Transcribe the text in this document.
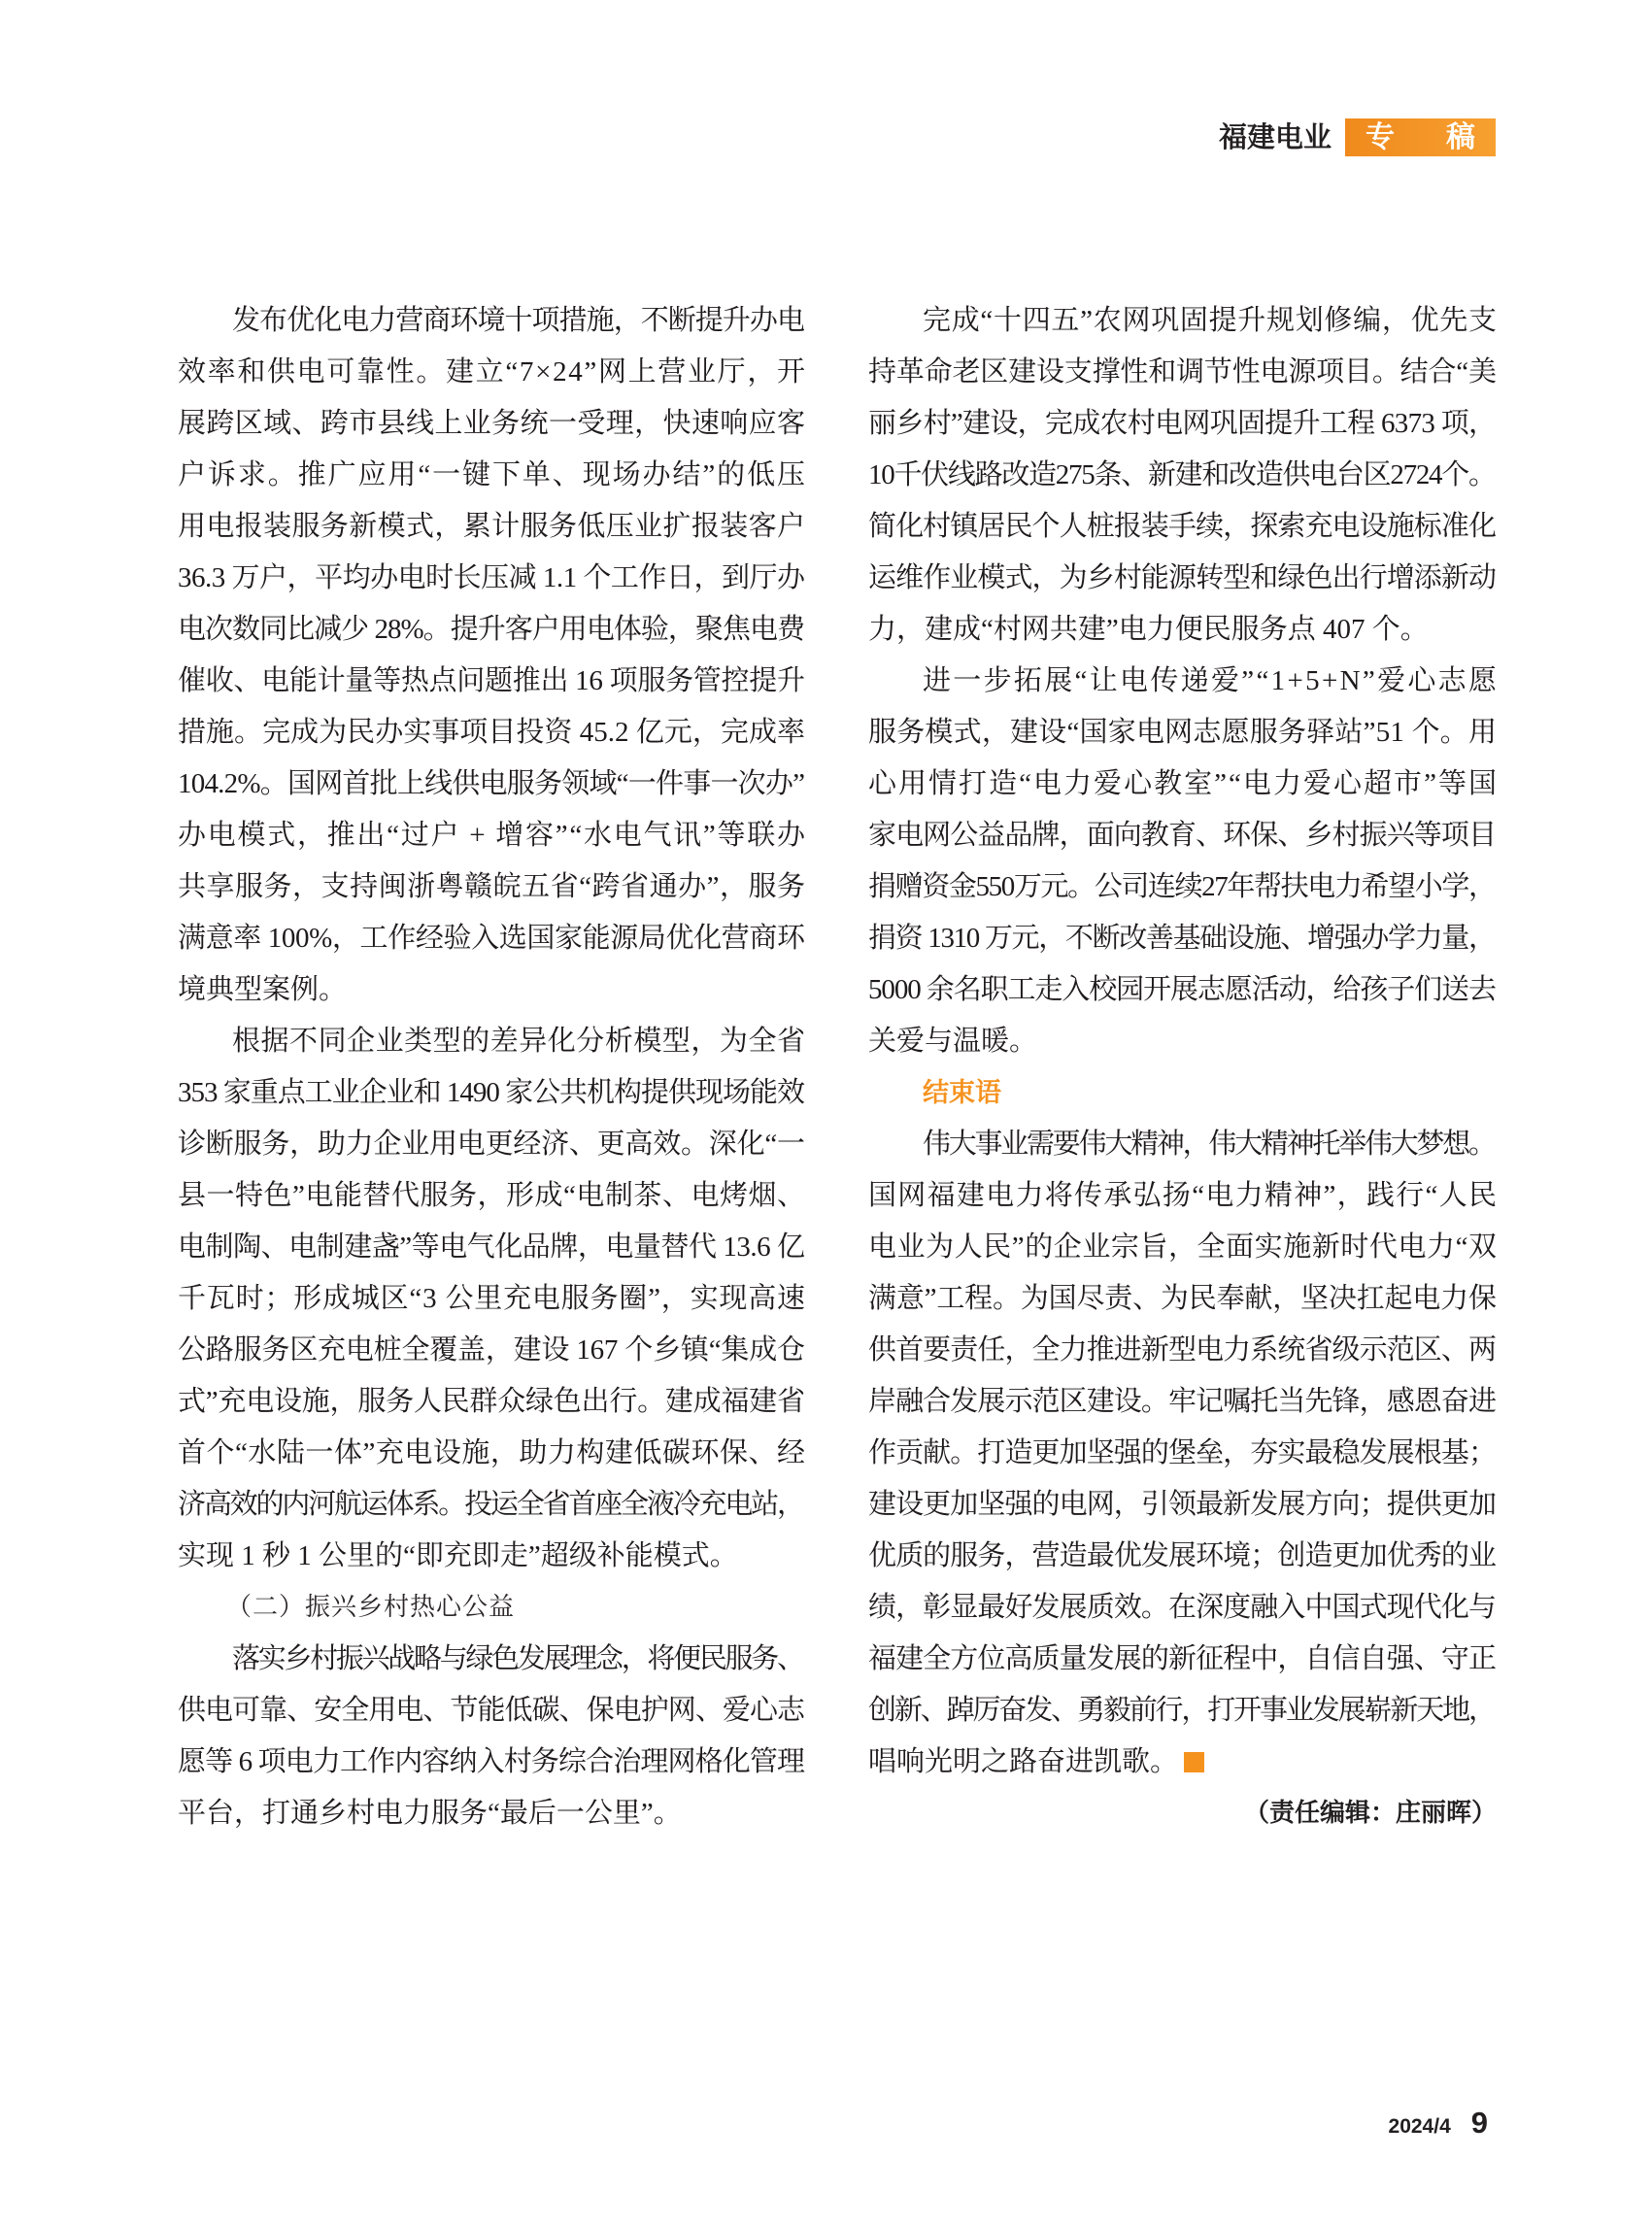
福建电业	专 稿
发布优化电力营商环境十项措施，不断提升办电
效率和供电可靠性。建立“7×24”网上营业厅，开
展跨区域、跨市县线上业务统一受理，快速响应客
户诉求。推广应用“一键下单、现场办结”的低压
用电报装服务新模式，累计服务低压业扩报装客户
36.3 万户，平均办电时长压减 1.1 个工作日，到厅办
电次数同比减少 28%。提升客户用电体验，聚焦电费
催收、电能计量等热点问题推出 16 项服务管控提升
措施。完成为民办实事项目投资 45.2 亿元，完成率
104.2%。国网首批上线供电服务领域“一件事一次办”
办电模式，推出“过户 + 增容”“水电气讯”等联办
共享服务，支持闽浙粤赣皖五省“跨省通办”，服务
满意率 100%，工作经验入选国家能源局优化营商环
境典型案例。
根据不同企业类型的差异化分析模型，为全省
353 家重点工业企业和 1490 家公共机构提供现场能效
诊断服务，助力企业用电更经济、更高效。深化“一
县一特色”电能替代服务，形成“电制茶、电烤烟、
电制陶、电制建盏”等电气化品牌，电量替代 13.6 亿
千瓦时；形成城区“3 公里充电服务圈”，实现高速
公路服务区充电桩全覆盖，建设 167 个乡镇“集成仓
式”充电设施，服务人民群众绿色出行。建成福建省
首个“水陆一体”充电设施，助力构建低碳环保、经
济高效的内河航运体系。投运全省首座全液冷充电站，
实现 1 秒 1 公里的“即充即走”超级补能模式。
（二）振兴乡村热心公益
落实乡村振兴战略与绿色发展理念，将便民服务、
供电可靠、安全用电、节能低碳、保电护网、爱心志
愿等 6 项电力工作内容纳入村务综合治理网格化管理
平台，打通乡村电力服务“最后一公里”。
完成“十四五”农网巩固提升规划修编，优先支
持革命老区建设支撑性和调节性电源项目。结合“美
丽乡村”建设，完成农村电网巩固提升工程 6373 项，
10千伏线路改造275条、新建和改造供电台区2724个。
简化村镇居民个人桩报装手续，探索充电设施标准化
运维作业模式，为乡村能源转型和绿色出行增添新动
力，建成“村网共建”电力便民服务点 407 个。
进一步拓展“让电传递爱”“1+5+N”爱心志愿
服务模式，建设“国家电网志愿服务驿站”51 个。用
心用情打造“电力爱心教室”“电力爱心超市”等国
家电网公益品牌，面向教育、环保、乡村振兴等项目
捐赠资金550万元。公司连续27年帮扶电力希望小学，
捐资 1310 万元，不断改善基础设施、增强办学力量，
5000 余名职工走入校园开展志愿活动，给孩子们送去
关爱与温暖。
结束语
伟大事业需要伟大精神，伟大精神托举伟大梦想。
国网福建电力将传承弘扬“电力精神”，践行“人民
电业为人民”的企业宗旨，全面实施新时代电力“双
满意”工程。为国尽责、为民奉献，坚决扛起电力保
供首要责任，全力推进新型电力系统省级示范区、两
岸融合发展示范区建设。牢记嘱托当先锋，感恩奋进
作贡献。打造更加坚强的堡垒，夯实最稳发展根基；
建设更加坚强的电网，引领最新发展方向；提供更加
优质的服务，营造最优发展环境；创造更加优秀的业
绩，彰显最好发展质效。在深度融入中国式现代化与
福建全方位高质量发展的新征程中，自信自强、守正
创新、踔厉奋发、勇毅前行，打开事业发展崭新天地，
唱响光明之路奋进凯歌。
（责任编辑：庄丽晖）
2024/4 9
